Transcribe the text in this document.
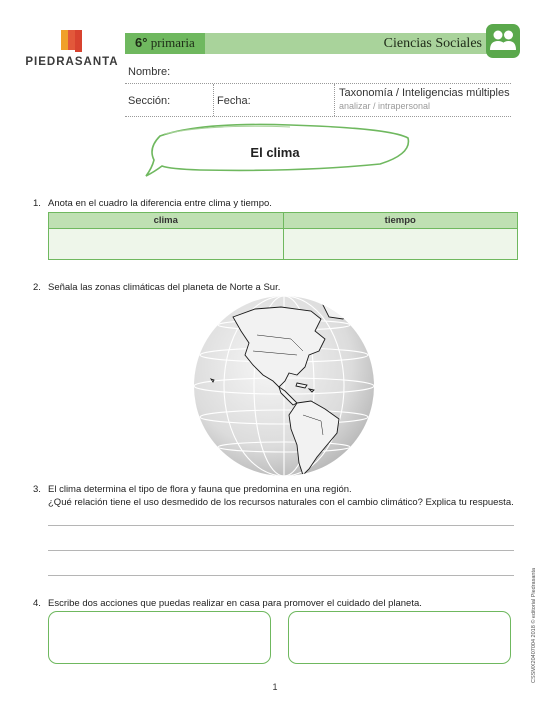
PIEDRASANTA
6° primaria	Ciencias Sociales
Nombre:
Sección:	Fecha:
Taxonomía / Inteligencias múltiples
analizar / intrapersonal
El clima
1. Anota en el cuadro la diferencia entre clima y tiempo.
clima	tiempo
2. Señala las zonas climáticas del planeta de Norte a Sur.
3. El clima determina el tipo de flora y fauna que predomina en una región.
¿Qué relación tiene el uso desmedido de los recursos naturales con el cambio climático? Explica tu respuesta.
4. Escribe dos acciones que puedas realizar en casa para promover el cuidado del planeta.
1
CSSMX20407004 2018 © editorial Piedrasanta
